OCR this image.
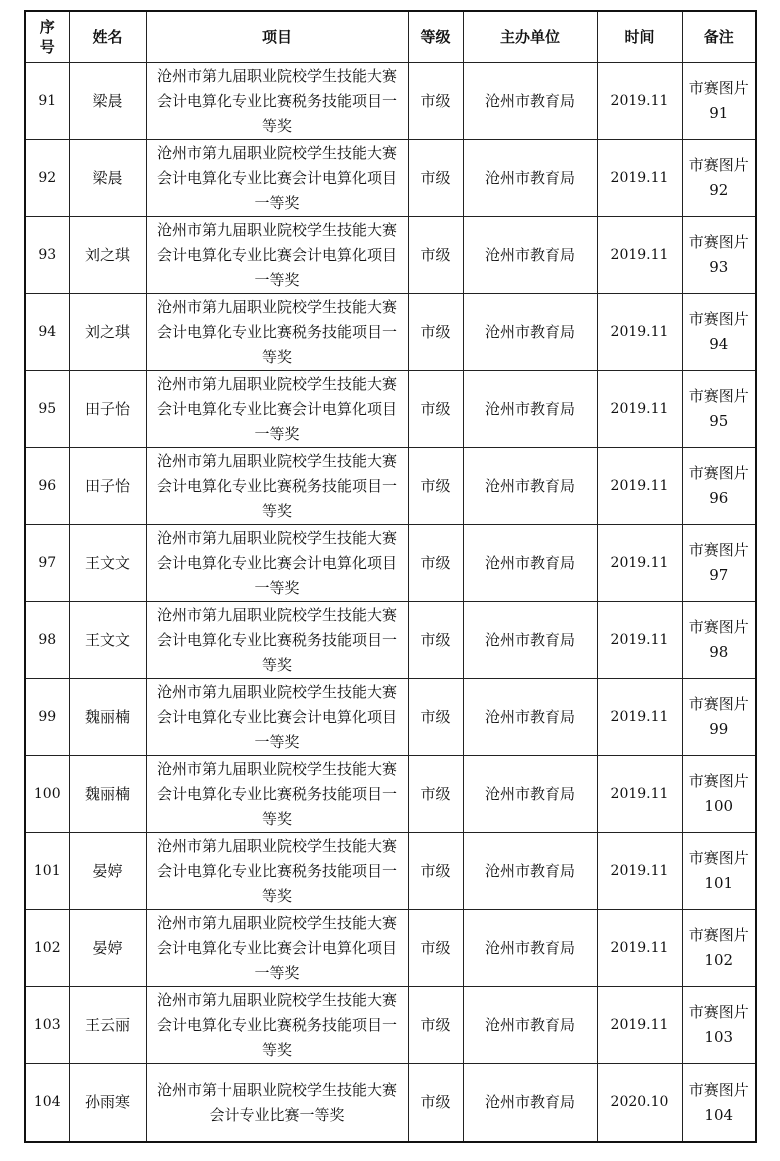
序号	姓名	项目	等级	主办单位	时间	备注
91	梁晨	沧州市第九届职业院校学生技能大赛会计电算化专业比赛税务技能项目一等奖	市级	沧州市教育局	2019.11	市赛图片 91
92	梁晨	沧州市第九届职业院校学生技能大赛会计电算化专业比赛会计电算化项目一等奖	市级	沧州市教育局	2019.11	市赛图片 92
93	刘之琪	沧州市第九届职业院校学生技能大赛会计电算化专业比赛会计电算化项目一等奖	市级	沧州市教育局	2019.11	市赛图片 93
94	刘之琪	沧州市第九届职业院校学生技能大赛会计电算化专业比赛税务技能项目一等奖	市级	沧州市教育局	2019.11	市赛图片 94
95	田子怡	沧州市第九届职业院校学生技能大赛会计电算化专业比赛会计电算化项目一等奖	市级	沧州市教育局	2019.11	市赛图片 95
96	田子怡	沧州市第九届职业院校学生技能大赛会计电算化专业比赛税务技能项目一等奖	市级	沧州市教育局	2019.11	市赛图片 96
97	王文文	沧州市第九届职业院校学生技能大赛会计电算化专业比赛会计电算化项目一等奖	市级	沧州市教育局	2019.11	市赛图片 97
98	王文文	沧州市第九届职业院校学生技能大赛会计电算化专业比赛税务技能项目一等奖	市级	沧州市教育局	2019.11	市赛图片 98
99	魏丽楠	沧州市第九届职业院校学生技能大赛会计电算化专业比赛会计电算化项目一等奖	市级	沧州市教育局	2019.11	市赛图片 99
100	魏丽楠	沧州市第九届职业院校学生技能大赛会计电算化专业比赛税务技能项目一等奖	市级	沧州市教育局	2019.11	市赛图片 100
101	晏婷	沧州市第九届职业院校学生技能大赛会计电算化专业比赛税务技能项目一等奖	市级	沧州市教育局	2019.11	市赛图片 101
102	晏婷	沧州市第九届职业院校学生技能大赛会计电算化专业比赛会计电算化项目一等奖	市级	沧州市教育局	2019.11	市赛图片 102
103	王云丽	沧州市第九届职业院校学生技能大赛会计电算化专业比赛税务技能项目一等奖	市级	沧州市教育局	2019.11	市赛图片 103
104	孙雨寒	沧州市第十届职业院校学生技能大赛会计专业比赛一等奖	市级	沧州市教育局	2020.10	市赛图片 104
